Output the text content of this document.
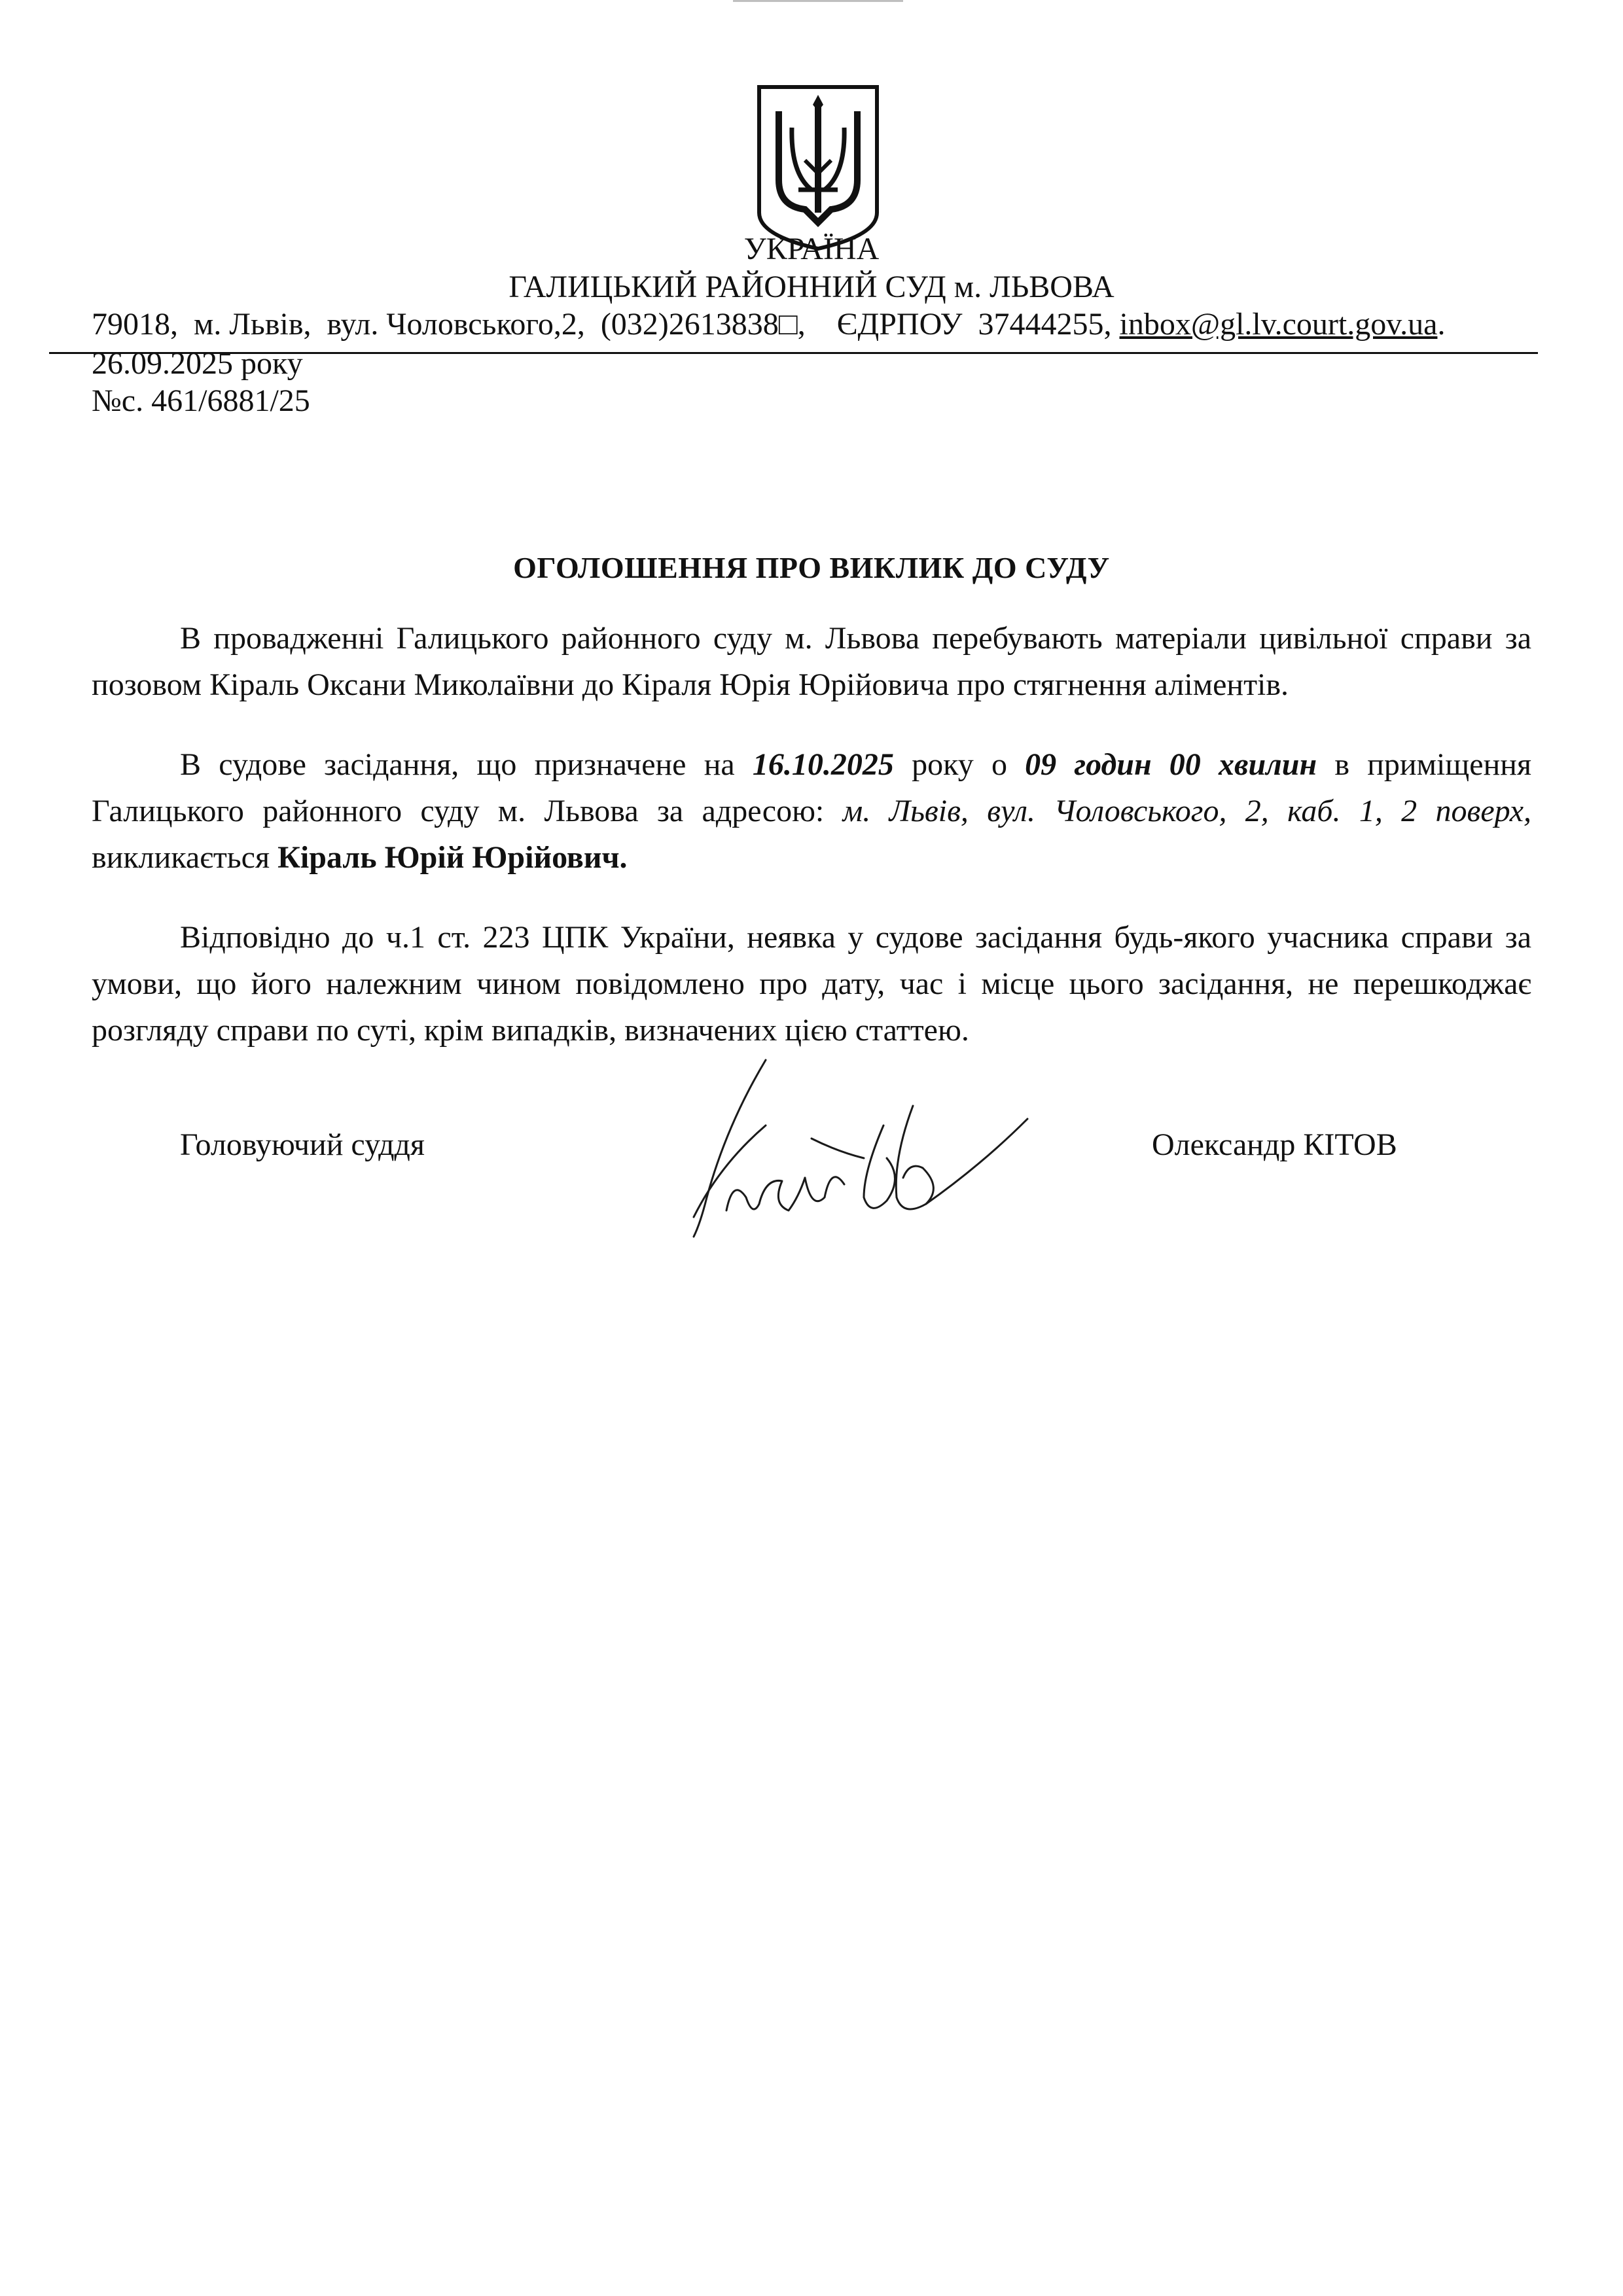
УКРАЇНА
ГАЛИЦЬКИЙ РАЙОННИЙ СУД м. ЛЬВОВА
79018,  м. Львів,  вул. Чоловського,2,  (032)2613838□,    ЄДРПОУ  37444255, inbox@gl.lv.court.gov.ua.
26.09.2025 року
№с. 461/6881/25
ОГОЛОШЕННЯ ПРО ВИКЛИК ДО СУДУ
В провадженні Галицького районного суду м. Львова перебувають матеріали цивільної справи за позовом Кіраль Оксани Миколаївни до Кіраля Юрія Юрійовича про стягнення аліментів.
В судове засідання, що призначене на 16.10.2025 року о 09 годин 00 хвилин в приміщення Галицького районного суду м. Львова за адресою: м. Львів, вул. Чоловського, 2, каб. 1, 2 поверх, викликається Кіраль Юрій Юрійович.
Відповідно до ч.1 ст. 223 ЦПК України, неявка у судове засідання будь-якого учасника справи за умови, що його належним чином повідомлено про дату, час і місце цього засідання, не перешкоджає розгляду справи по суті, крім випадків, визначених цією статтею.
Головуючий суддя	Олександр КІТОВ
